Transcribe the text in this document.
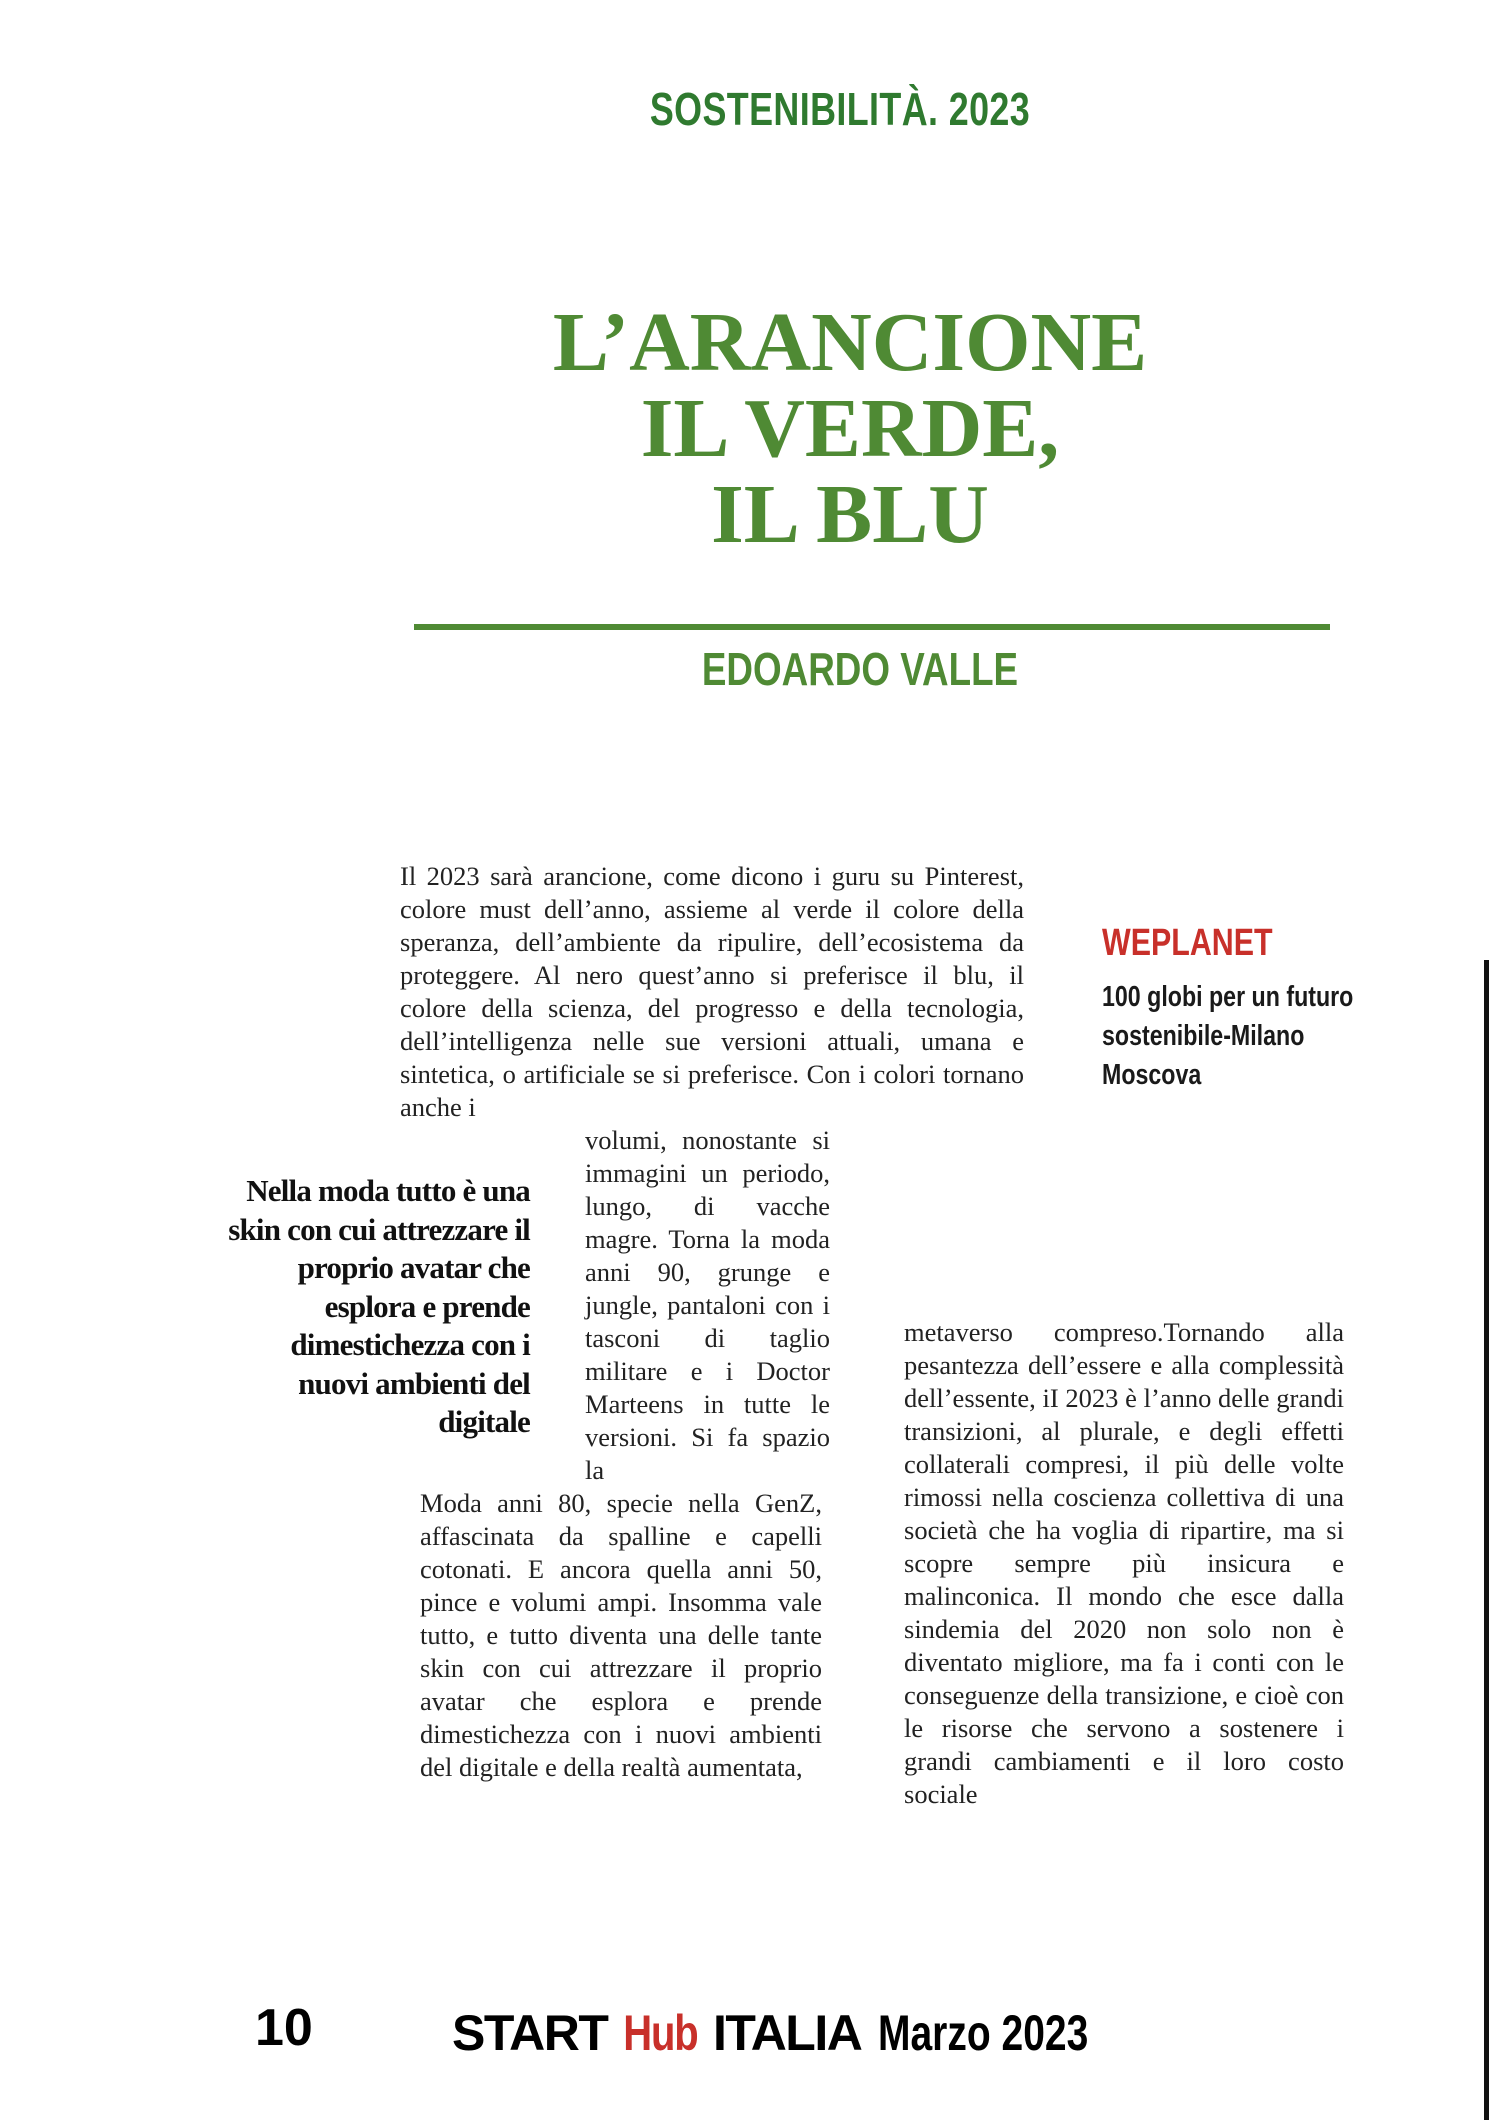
SOSTENIBILITÀ. 2023
L’ARANCIONE
IL VERDE,
IL BLU
EDOARDO VALLE
Il 2023 sarà arancione, come dicono i guru su Pinterest, colore must dell’anno, assieme al verde il colore della speranza, dell’ambiente da ripulire, dell’ecosistema da proteggere. Al nero quest’anno si preferisce il blu, il colore della scienza, del progresso e della tecnologia, dell’intelligenza nelle sue versioni attuali, umana e sintetica, o artificiale se si preferisce. Con i colori tornano anche i
volumi, nonostante si immagini un periodo, lungo, di vacche magre. Torna la moda anni 90, grunge e jungle, pantaloni con i tasconi di taglio militare e i Doctor Marteens in tutte le versioni. Si fa spazio la
Moda anni 80, specie nella GenZ, affascinata da spalline e capelli cotonati. E ancora quella anni 50, pince e volumi ampi. Insomma vale tutto, e tutto diventa una delle tante skin con cui attrezzare il proprio avatar che esplora e prende dimestichezza con i nuovi ambienti del digitale e della realtà aumentata,
metaverso compreso.Tornando alla pesantezza dell’essere e alla complessità dell’essente, iI 2023 è l’anno delle grandi transizioni, al plurale, e degli effetti collaterali compresi, il più delle volte rimossi nella coscienza collettiva di una società che ha voglia di ripartire, ma si scopre sempre più insicura e malinconica. Il mondo che esce dalla sindemia del 2020 non solo non è diventato migliore, ma fa i conti con le conseguenze della transizione, e cioè con le risorse che servono a sostenere i grandi cambiamenti e il loro costo sociale
Nella moda tutto è una skin con cui attrezzare il proprio avatar che esplora e prende dimestichezza con i nuovi ambienti del digitale
WEPLANET
100 globi per un futuro sostenibile-Milano Moscova
10	START Hub ITALIA Marzo 2023
